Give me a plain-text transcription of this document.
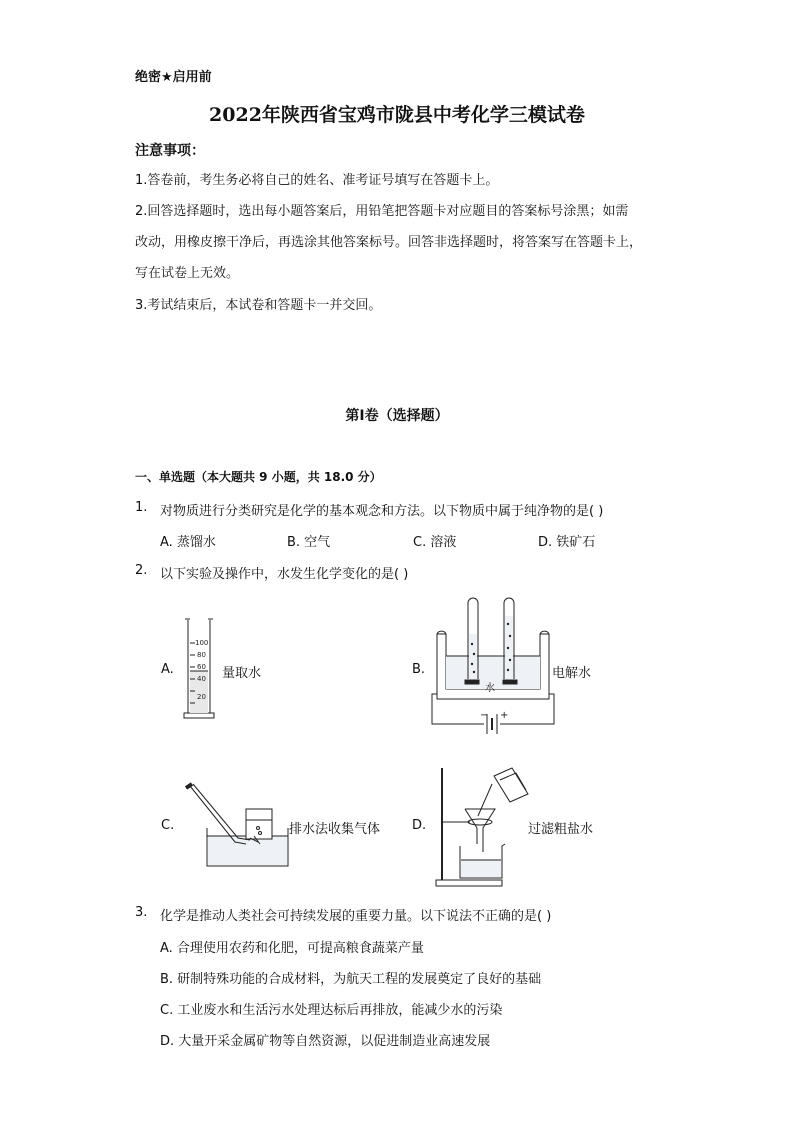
绝密★启用前
2022年陕西省宝鸡市陇县中考化学三模试卷
注意事项：
1.答卷前，考生务必将自己的姓名、准考证号填写在答题卡上。
2.回答选择题时，选出每小题答案后，用铅笔把答题卡对应题目的答案标号涂黑；如需
改动，用橡皮擦干净后，再选涂其他答案标号。回答非选择题时，将答案写在答题卡上，
写在试卷上无效。
3.考试结束后，本试卷和答题卡一并交回。
第Ⅰ卷（选择题）
一、单选题（本大题共 9 小题，共 18.0 分）
1. 对物质进行分类研究是化学的基本观念和方法。以下物质中属于纯净物的是( )
A. 蒸馏水	B. 空气	C. 溶液	D. 铁矿石
2. 以下实验及操作中，水发生化学变化的是( )
A.
100
80
60
40
20
量取水	B.
水
− +
电解水
C.	排水法收集气体 D.	过滤粗盐水
3. 化学是推动人类社会可持续发展的重要力量。以下说法不正确的是( )
A. 合理使用农药和化肥，可提高粮食蔬菜产量
B. 研制特殊功能的合成材料，为航天工程的发展奠定了良好的基础
C. 工业废水和生活污水处理达标后再排放，能减少水的污染
D. 大量开采金属矿物等自然资源，以促进制造业高速发展
